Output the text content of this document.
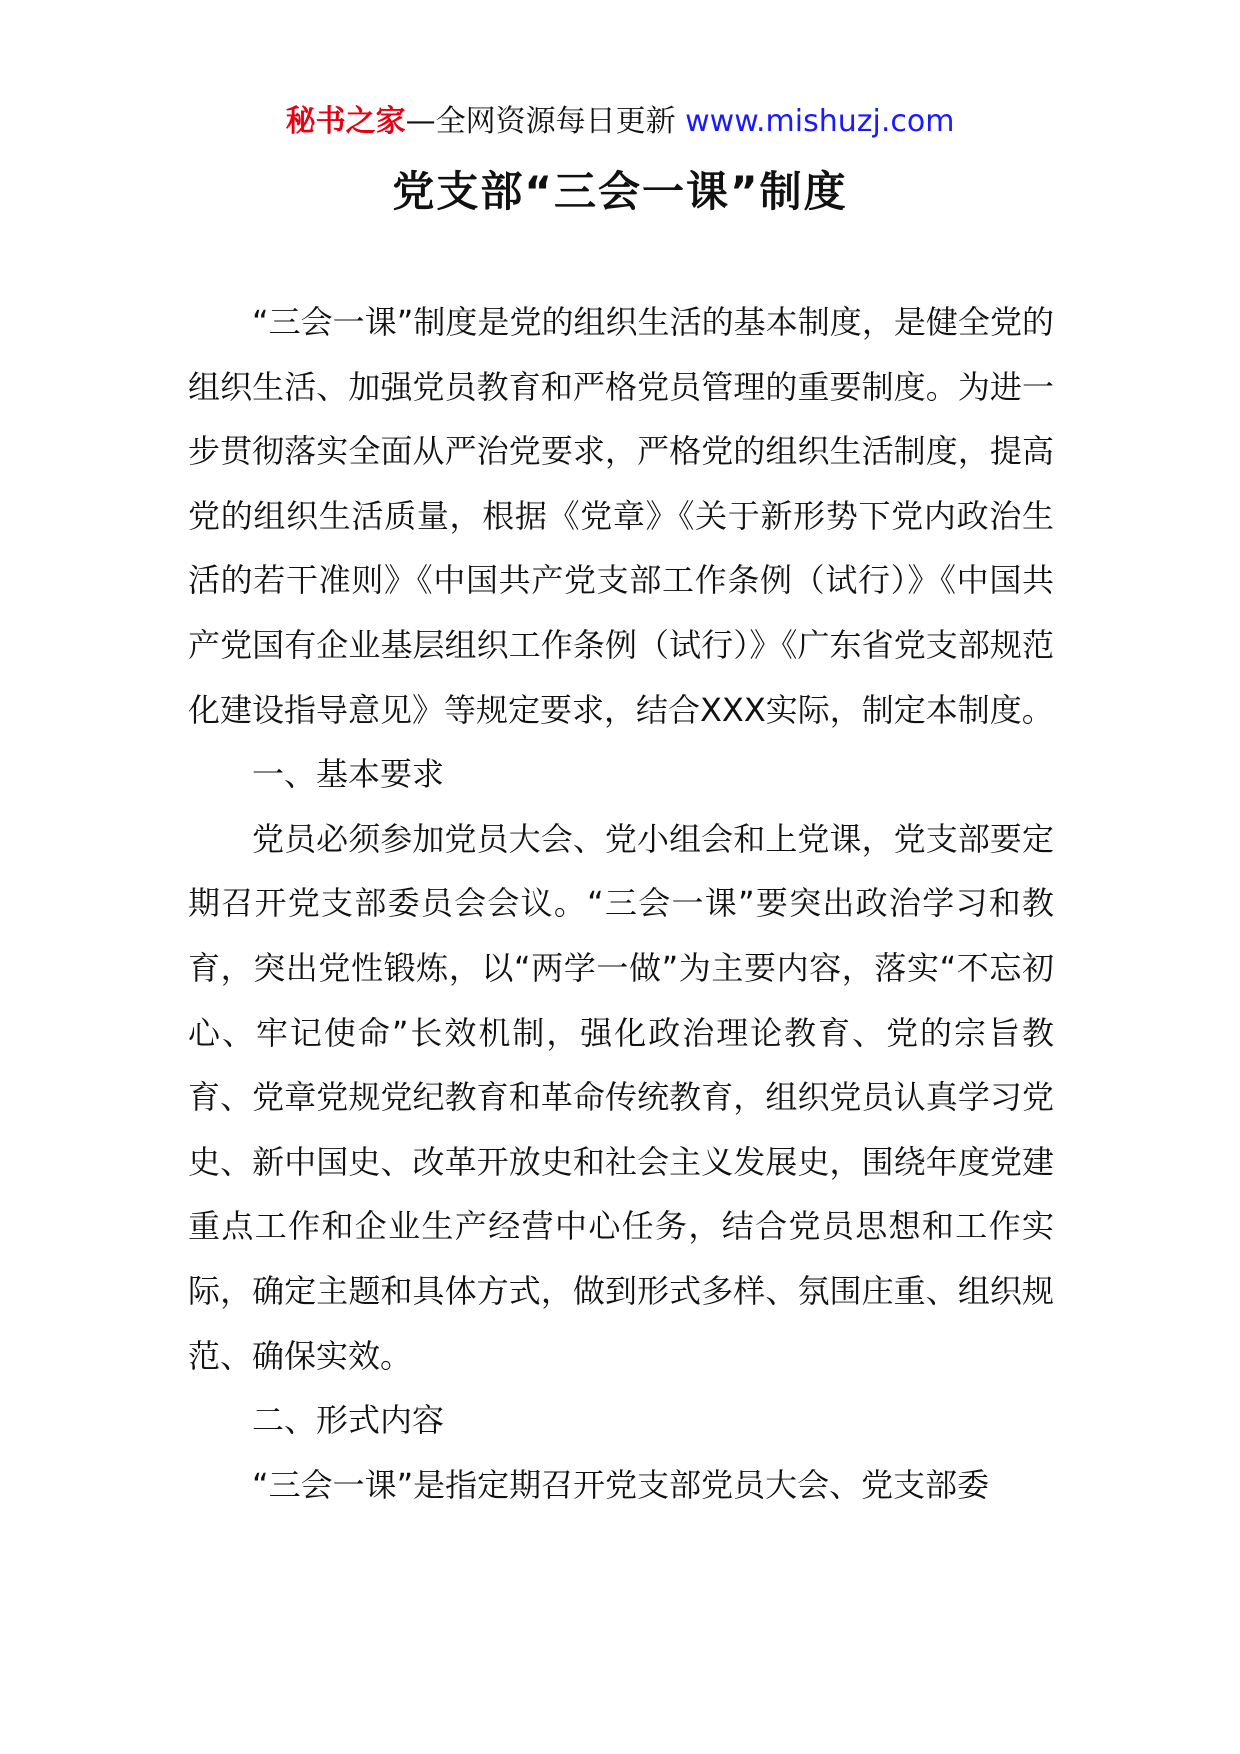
秘书之家—全网资源每日更新 www.mishuzj.com
党支部“三会一课”制度

“三会一课”制度是党的组织生活的基本制度，是健全党的组织生活、加强党员教育和严格党员管理的重要制度。为进一步贯彻落实全面从严治党要求，严格党的组织生活制度，提高党的组织生活质量，根据《党章》《关于新形势下党内政治生活的若干准则》《中国共产党支部工作条例（试行）》《中国共产党国有企业基层组织工作条例（试行）》《广东省党支部规范化建设指导意见》等规定要求，结合XXX实际，制定本制度。

一、基本要求

党员必须参加党员大会、党小组会和上党课，党支部要定期召开党支部委员会会议。“三会一课”要突出政治学习和教育，突出党性锻炼，以“两学一做”为主要内容，落实“不忘初心、牢记使命”长效机制，强化政治理论教育、党的宗旨教育、党章党规党纪教育和革命传统教育，组织党员认真学习党史、新中国史、改革开放史和社会主义发展史，围绕年度党建重点工作和企业生产经营中心任务，结合党员思想和工作实际，确定主题和具体方式，做到形式多样、氛围庄重、组织规范、确保实效。

二、形式内容

“三会一课”是指定期召开党支部党员大会、党支部委
